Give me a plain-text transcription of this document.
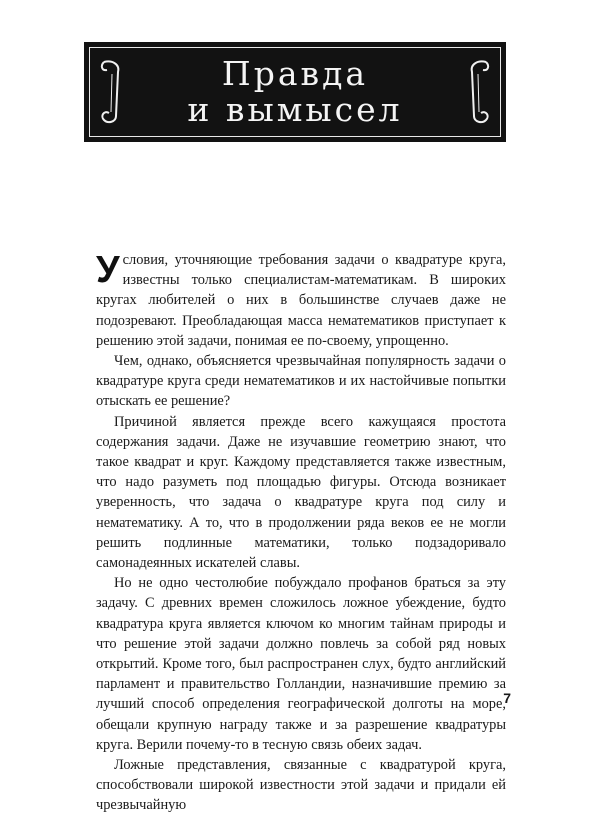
Правда
и вымысел

Условия, уточняющие требования задачи о квадратуре круга, известны только специалистам-математикам. В широких кругах любителей о них в большинстве случаев даже не подозревают. Преобладающая масса нематематиков приступает к решению этой задачи, понимая ее по-своему, упрощенно.

Чем, однако, объясняется чрезвычайная популярность задачи о квадратуре круга среди нематематиков и их настойчивые попытки отыскать ее решение?

Причиной является прежде всего кажущаяся простота содержания задачи. Даже не изучавшие геометрию знают, что такое квадрат и круг. Каждому представляется также известным, что надо разуметь под площадью фигуры. Отсюда возникает уверенность, что задача о квадратуре круга под силу и нематематику. А то, что в продолжении ряда веков ее не могли решить подлинные математики, только подзадоривало самонадеянных искателей славы.

Но не одно честолюбие побуждало профанов браться за эту задачу. С древних времен сложилось ложное убеждение, будто квадратура круга является ключом ко многим тайнам природы и что решение этой задачи должно повлечь за собой ряд новых открытий. Кроме того, был распространен слух, будто английский парламент и правительство Голландии, назначившие премию за лучший способ определения географической долготы на море, обещали крупную награду также и за разрешение квадратуры круга. Верили почему-то в тесную связь обеих задач.

Ложные представления, связанные с квадратурой круга, способствовали широкой известности этой задачи и придали ей чрезвычайную

7
